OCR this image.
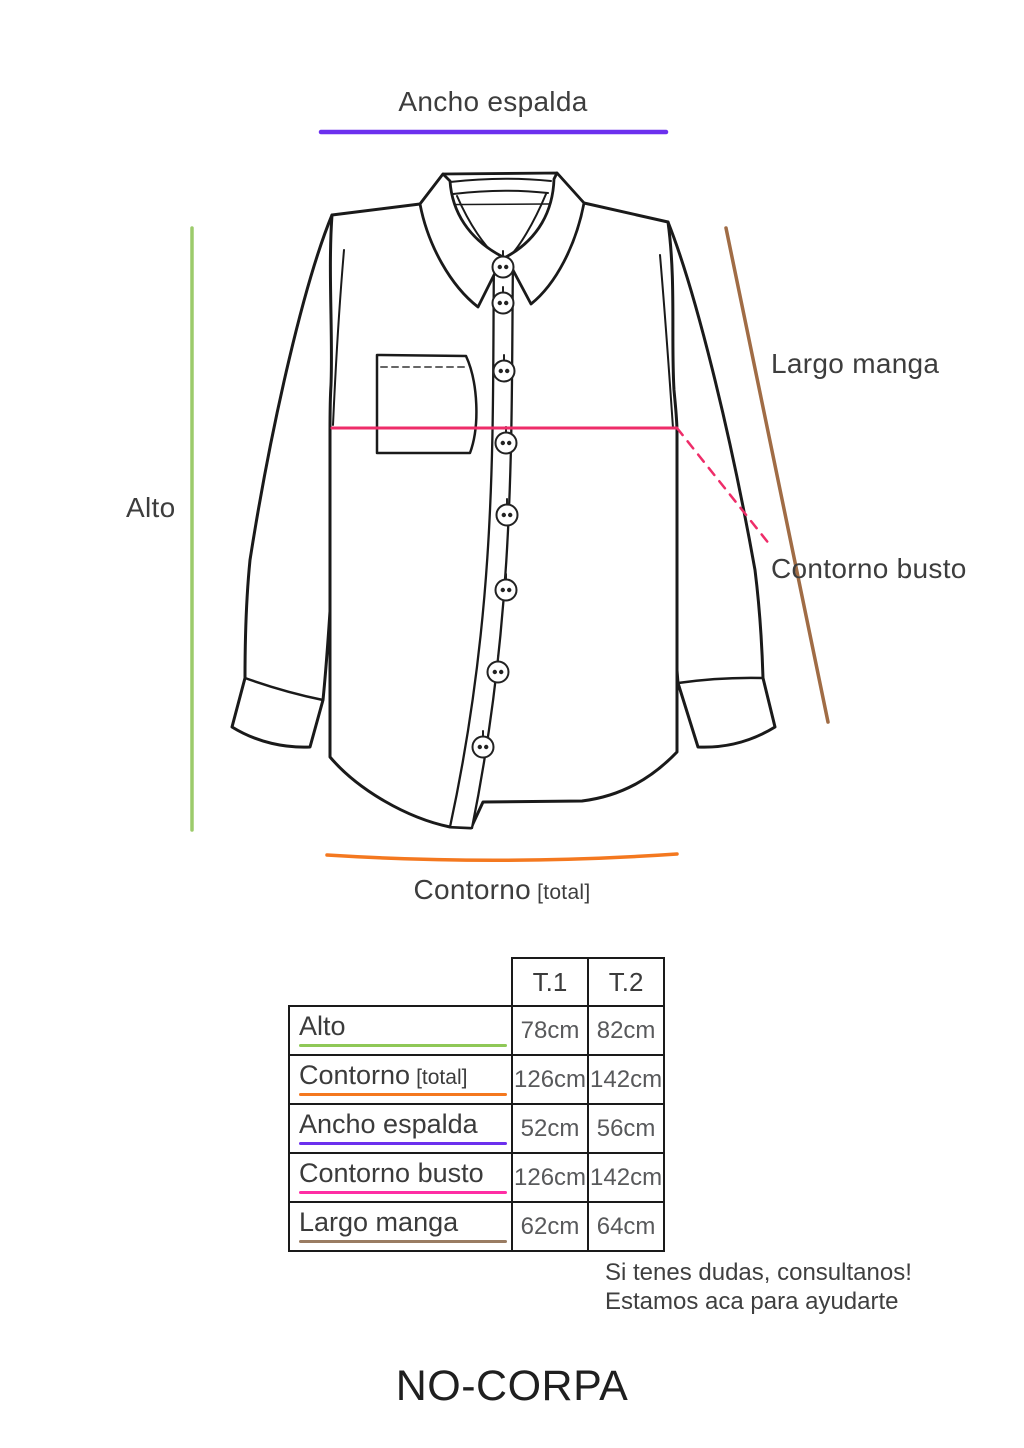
Ancho espalda
Alto
Largo manga
Contorno busto
Contorno [total]
	T.1	T.2
Alto	78cm	82cm
Contorno [total]	126cm	142cm
Ancho espalda	52cm	56cm
Contorno busto	126cm	142cm
Largo manga	62cm	64cm
Si tenes dudas, consultanos!
Estamos aca para ayudarte
NO-CORPA
